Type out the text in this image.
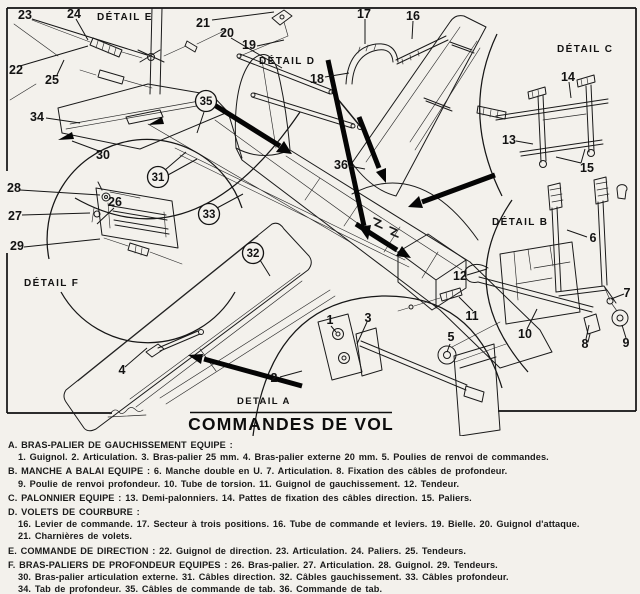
23	24
22
25
34
30
21
20
19
18
17	16
14
13
15
6
12
11
10
7
8	9
5
28
27
26
29
36
4
1 3
2
35
31
33
32
DÉTAIL E
DÉTAIL D
DÉTAIL C
DÉTAIL B
DÉTAIL F
DETAIL A
COMMANDES DE VOL
A. BRAS-PALIER DE GAUCHISSEMENT EQUIPE :
1. Guignol. 2. Articulation. 3. Bras-palier 25 mm. 4. Bras-palier externe 20 mm. 5. Poulies de renvoi de commandes.
B. MANCHE A BALAI EQUIPE : 6. Manche double en U. 7. Articulation. 8. Fixation des câbles de profondeur.
9. Poulie de renvoi profondeur. 10. Tube de torsion. 11. Guignol de gauchissement. 12. Tendeur.
C. PALONNIER EQUIPE : 13. Demi-palonniers. 14. Pattes de fixation des câbles direction. 15. Paliers.
D. VOLETS DE COURBURE :
16. Levier de commande. 17. Secteur à trois positions. 16. Tube de commande et leviers. 19. Bielle. 20. Guignol d'attaque.
21. Charnières de volets.
E. COMMANDE DE DIRECTION : 22. Guignol de direction. 23. Articulation. 24. Paliers. 25. Tendeurs.
F. BRAS-PALIERS DE PROFONDEUR EQUIPES : 26. Bras-palier. 27. Articulation. 28. Guignol. 29. Tendeurs.
30. Bras-palier articulation externe. 31. Câbles direction. 32. Câbles gauchissement. 33. Câbles profondeur.
34. Tab de profondeur. 35. Câbles de commande de tab. 36. Commande de tab.
